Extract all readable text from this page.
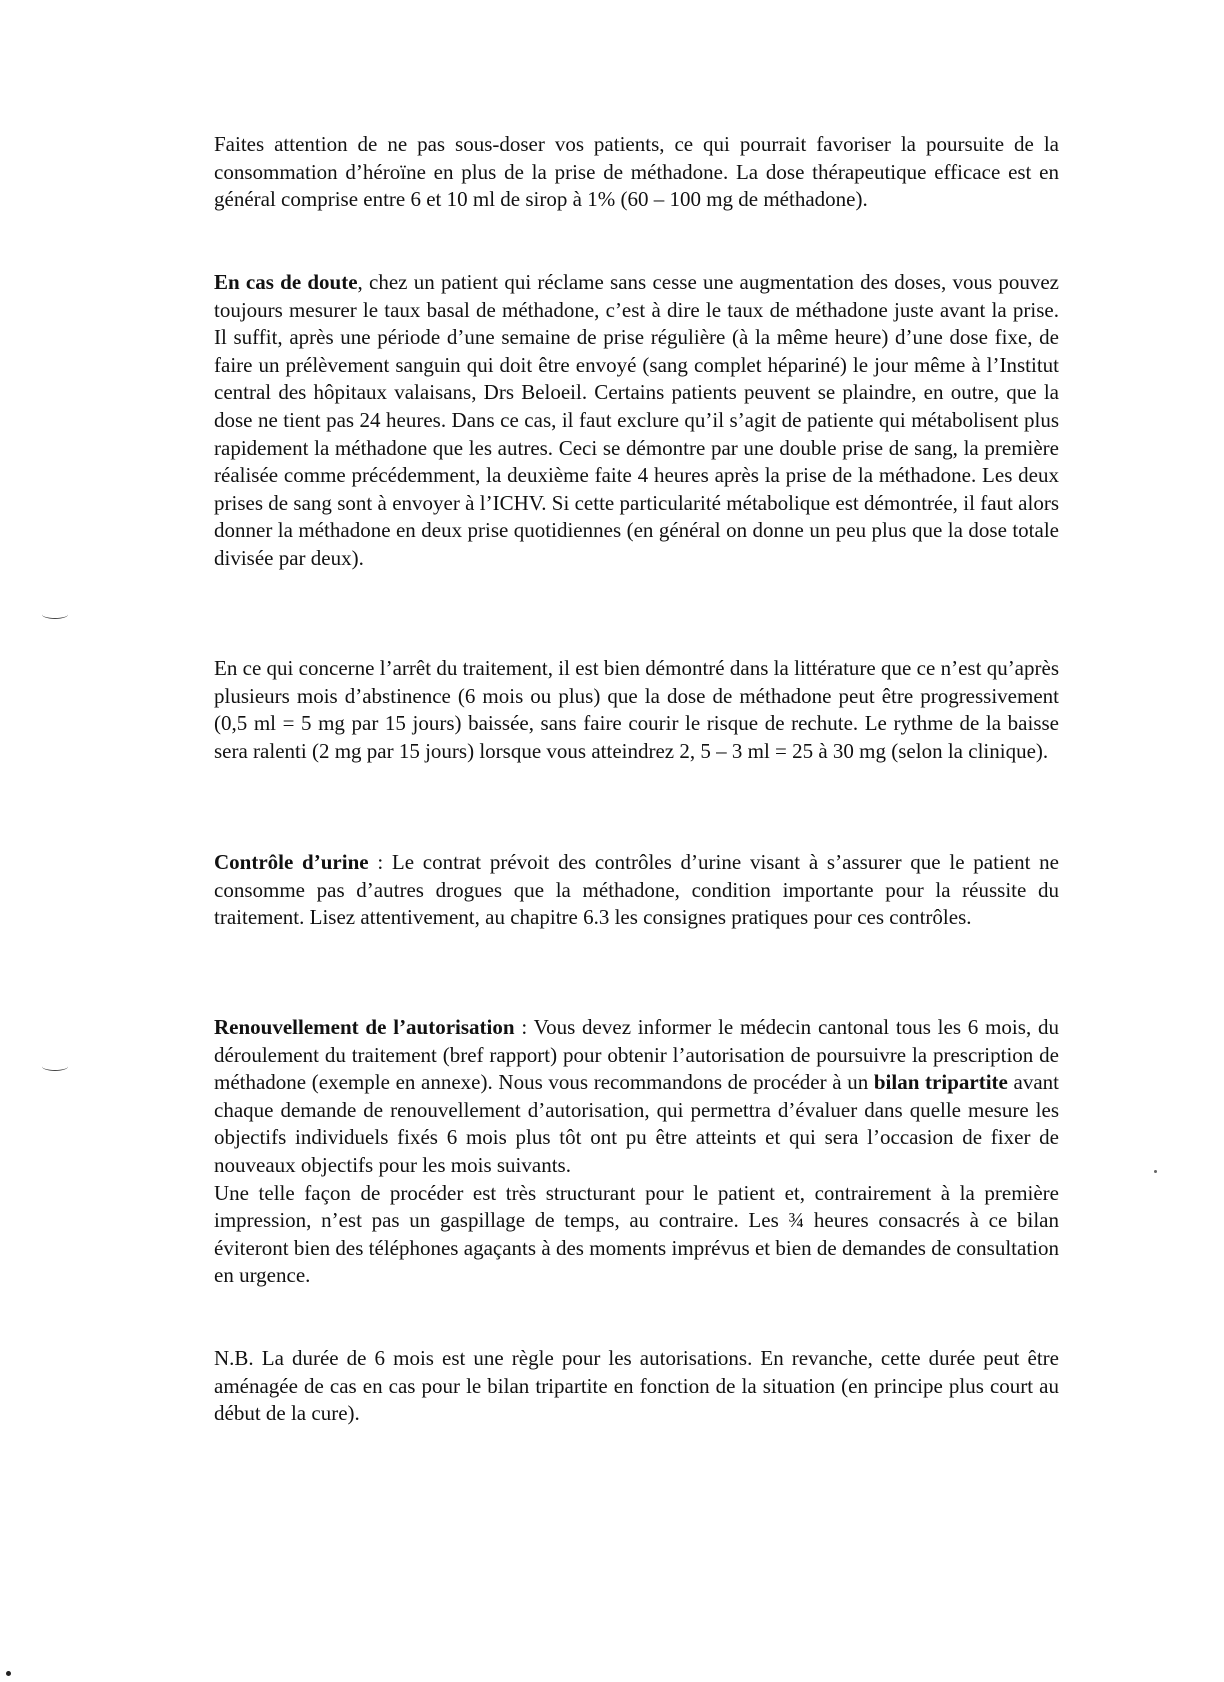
Faites attention de ne pas sous-doser vos patients, ce qui pourrait favoriser la poursuite de la consommation d’héroïne en plus de la prise de méthadone. La dose thérapeutique efficace est en général comprise entre 6 et 10 ml de sirop à 1% (60 – 100 mg de méthadone).

En cas de doute, chez un patient qui réclame sans cesse une augmentation des doses, vous pouvez toujours mesurer le taux basal de méthadone, c’est à dire le taux de méthadone juste avant la prise. Il suffit, après une période d’une semaine de prise régulière (à la même heure) d’une dose fixe, de faire un prélèvement sanguin qui doit être envoyé (sang complet hépariné) le jour même à l’Institut central des hôpitaux valaisans, Drs Beloeil. Certains patients peuvent se plaindre, en outre, que la dose ne tient pas 24 heures. Dans ce cas, il faut exclure qu’il s’agit de patiente qui métabolisent plus rapidement la méthadone que les autres. Ceci se démontre par une double prise de sang, la première réalisée comme précédemment, la deuxième faite 4 heures après la prise de la méthadone. Les deux prises de sang sont à envoyer à l’ICHV. Si cette particularité métabolique est démontrée, il faut alors donner la méthadone en deux prise quotidiennes (en général on donne un peu plus que la dose totale divisée par deux).

En ce qui concerne l’arrêt du traitement, il est bien démontré dans la littérature que ce n’est qu’après plusieurs mois d’abstinence (6 mois ou plus) que la dose de méthadone peut être progressivement (0,5 ml = 5 mg par 15 jours) baissée, sans faire courir le risque de rechute. Le rythme de la baisse sera ralenti (2 mg par 15 jours) lorsque vous atteindrez 2, 5 – 3 ml = 25 à 30 mg (selon la clinique).

Contrôle d’urine : Le contrat prévoit des contrôles d’urine visant à s’assurer que le patient ne consomme pas d’autres drogues que la méthadone, condition importante pour la réussite du traitement. Lisez attentivement, au chapitre 6.3 les consignes pratiques pour ces contrôles.

Renouvellement de l’autorisation : Vous devez informer le médecin cantonal tous les 6 mois, du déroulement du traitement (bref rapport) pour obtenir l’autorisation de poursuivre la prescription de méthadone (exemple en annexe). Nous vous recommandons de procéder à un bilan tripartite avant chaque demande de renouvellement d’autorisation, qui permettra d’évaluer dans quelle mesure les objectifs individuels fixés 6 mois plus tôt ont pu être atteints et qui sera l’occasion de fixer de nouveaux objectifs pour les mois suivants.
Une telle façon de procéder est très structurant pour le patient et, contrairement à la première impression, n’est pas un gaspillage de temps, au contraire. Les ¾ heures consacrés à ce bilan éviteront bien des téléphones agaçants à des moments imprévus et bien de demandes de consultation en urgence.

N.B. La durée de 6 mois est une règle pour les autorisations. En revanche, cette durée peut être aménagée de cas en cas pour le bilan tripartite en fonction de la situation (en principe plus court au début de la cure).
